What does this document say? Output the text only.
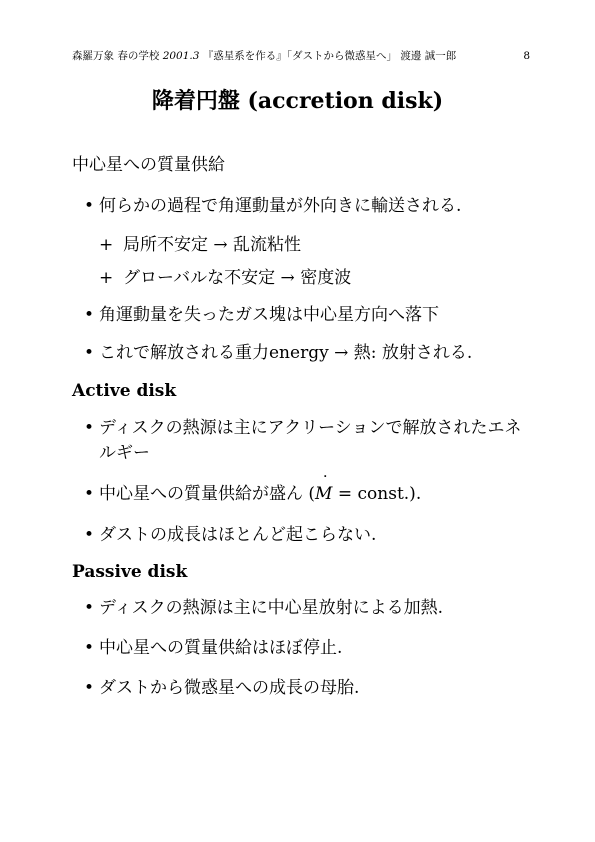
森羅万象 春の学校 2001.3 『惑星系を作る』「ダストから微惑星へ」 渡邊 誠一郎	8
降着円盤 (accretion disk)
中心星への質量供給
• 何らかの過程で角運動量が外向きに輸送される.
+ 局所不安定 → 乱流粘性
+ グローバルな不安定 → 密度波
• 角運動量を失ったガス塊は中心星方向へ落下
• これで解放される重力energy → 熱: 放射される.
Active disk
• ディスクの熱源は主にアクリーションで解放されたエネルギー
• 中心星への質量供給が盛ん (˙ M = const.).
• ダストの成長はほとんど起こらない.
Passive disk
• ディスクの熱源は主に中心星放射による加熱.
• 中心星への質量供給はほぼ停止.
• ダストから微惑星への成長の母胎.
